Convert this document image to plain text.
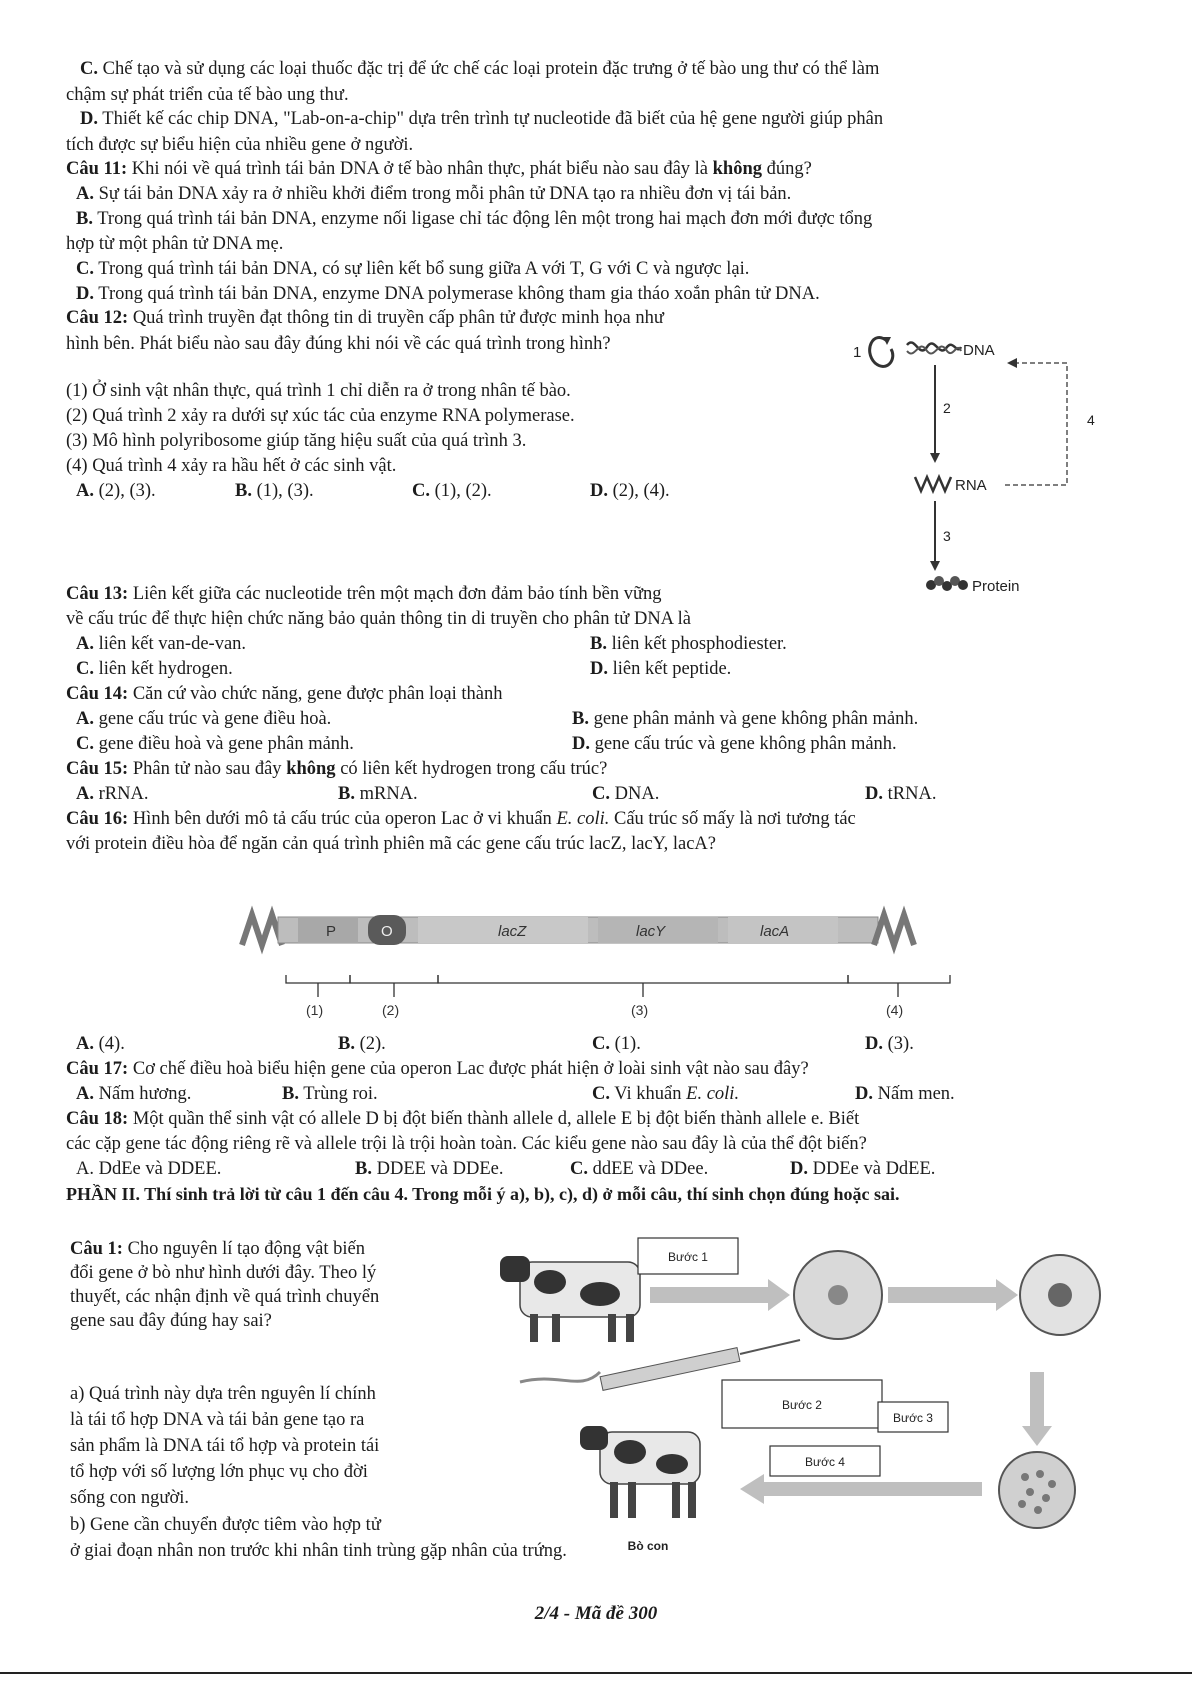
C. Chế tạo và sử dụng các loại thuốc đặc trị để ức chế các loại protein đặc trưng ở tế bào ung thư có thể làm
chậm sự phát triển của tế bào ung thư.
D. Thiết kế các chip DNA, "Lab-on-a-chip" dựa trên trình tự nucleotide đã biết của hệ gene người giúp phân
tích được sự biểu hiện của nhiều gene ở người.
Câu 11: Khi nói về quá trình tái bản DNA ở tế bào nhân thực, phát biểu nào sau đây là không đúng?
A. Sự tái bản DNA xảy ra ở nhiều khởi điểm trong mỗi phân tử DNA tạo ra nhiều đơn vị tái bản.
B. Trong quá trình tái bản DNA, enzyme nối ligase chỉ tác động lên một trong hai mạch đơn mới được tổng
hợp từ một phân tử DNA mẹ.
C. Trong quá trình tái bản DNA, có sự liên kết bổ sung giữa A với T, G với C và ngược lại.
D. Trong quá trình tái bản DNA, enzyme DNA polymerase không tham gia tháo xoắn phân tử DNA.
Câu 12: Quá trình truyền đạt thông tin di truyền cấp phân tử được minh họa như
hình bên. Phát biểu nào sau đây đúng khi nói về các quá trình trong hình?
(1) Ở sinh vật nhân thực, quá trình 1 chỉ diễn ra ở trong nhân tế bào.
(2) Quá trình 2 xảy ra dưới sự xúc tác của enzyme RNA polymerase.
(3) Mô hình polyribosome giúp tăng hiệu suất của quá trình 3.
(4) Quá trình 4 xảy ra hầu hết ở các sinh vật.
A. (2), (3).	B. (1), (3).	C. (1), (2).	D. (2), (4).
1	DNA
2
4
RNA
3
Protein
Câu 13: Liên kết giữa các nucleotide trên một mạch đơn đảm bảo tính bền vững
về cấu trúc để thực hiện chức năng bảo quản thông tin di truyền cho phân tử DNA là
A. liên kết van-de-van.	B. liên kết phosphodiester.
C. liên kết hydrogen.	D. liên kết peptide.
Câu 14: Căn cứ vào chức năng, gene được phân loại thành
A. gene cấu trúc và gene điều hoà.	B. gene phân mảnh và gene không phân mảnh.
C. gene điều hoà và gene phân mảnh.	D. gene cấu trúc và gene không phân mảnh.
Câu 15: Phân tử nào sau đây không có liên kết hydrogen trong cấu trúc?
A. rRNA.	B. mRNA.	C. DNA.	D. tRNA.
Câu 16: Hình bên dưới mô tả cấu trúc của operon Lac ở vi khuẩn E. coli. Cấu trúc số mấy là nơi tương tác
với protein điều hòa để ngăn cản quá trình phiên mã các gene cấu trúc lacZ, lacY, lacA?
P	O	lacZ	lacY	lacA
(1)	(2)	(3)	(4)
A. (4).	B. (2).	C. (1).	D. (3).
Câu 17: Cơ chế điều hoà biểu hiện gene của operon Lac được phát hiện ở loài sinh vật nào sau đây?
A. Nấm hương.	B. Trùng roi.	C. Vi khuẩn E. coli.	D. Nấm men.
Câu 18: Một quần thể sinh vật có allele D bị đột biến thành allele d, allele E bị đột biến thành allele e. Biết
các cặp gene tác động riêng rẽ và allele trội là trội hoàn toàn. Các kiểu gene nào sau đây là của thể đột biến?
A. DdEe và DDEE.	B. DDEE và DDEe.	C. ddEE và DDee.	D. DDEe và DdEE.
PHẦN II. Thí sinh trả lời từ câu 1 đến câu 4. Trong mỗi ý a), b), c), d) ở mỗi câu, thí sinh chọn đúng hoặc sai.
Câu 1: Cho nguyên lí tạo động vật biến
đổi gene ở bò như hình dưới đây. Theo lý
thuyết, các nhận định về quá trình chuyển
gene sau đây đúng hay sai?
a) Quá trình này dựa trên nguyên lí chính
là tái tổ hợp DNA và tái bản gene tạo ra
sản phẩm là DNA tái tổ hợp và protein tái
tổ hợp với số lượng lớn phục vụ cho đời
sống con người.
b) Gene cần chuyển được tiêm vào hợp tử
ở giai đoạn nhân non trước khi nhân tinh trùng gặp nhân của trứng.
Bước 1
Bước 2
Bước 3
Bước 4
Bò con
2/4 - Mã đề 300
